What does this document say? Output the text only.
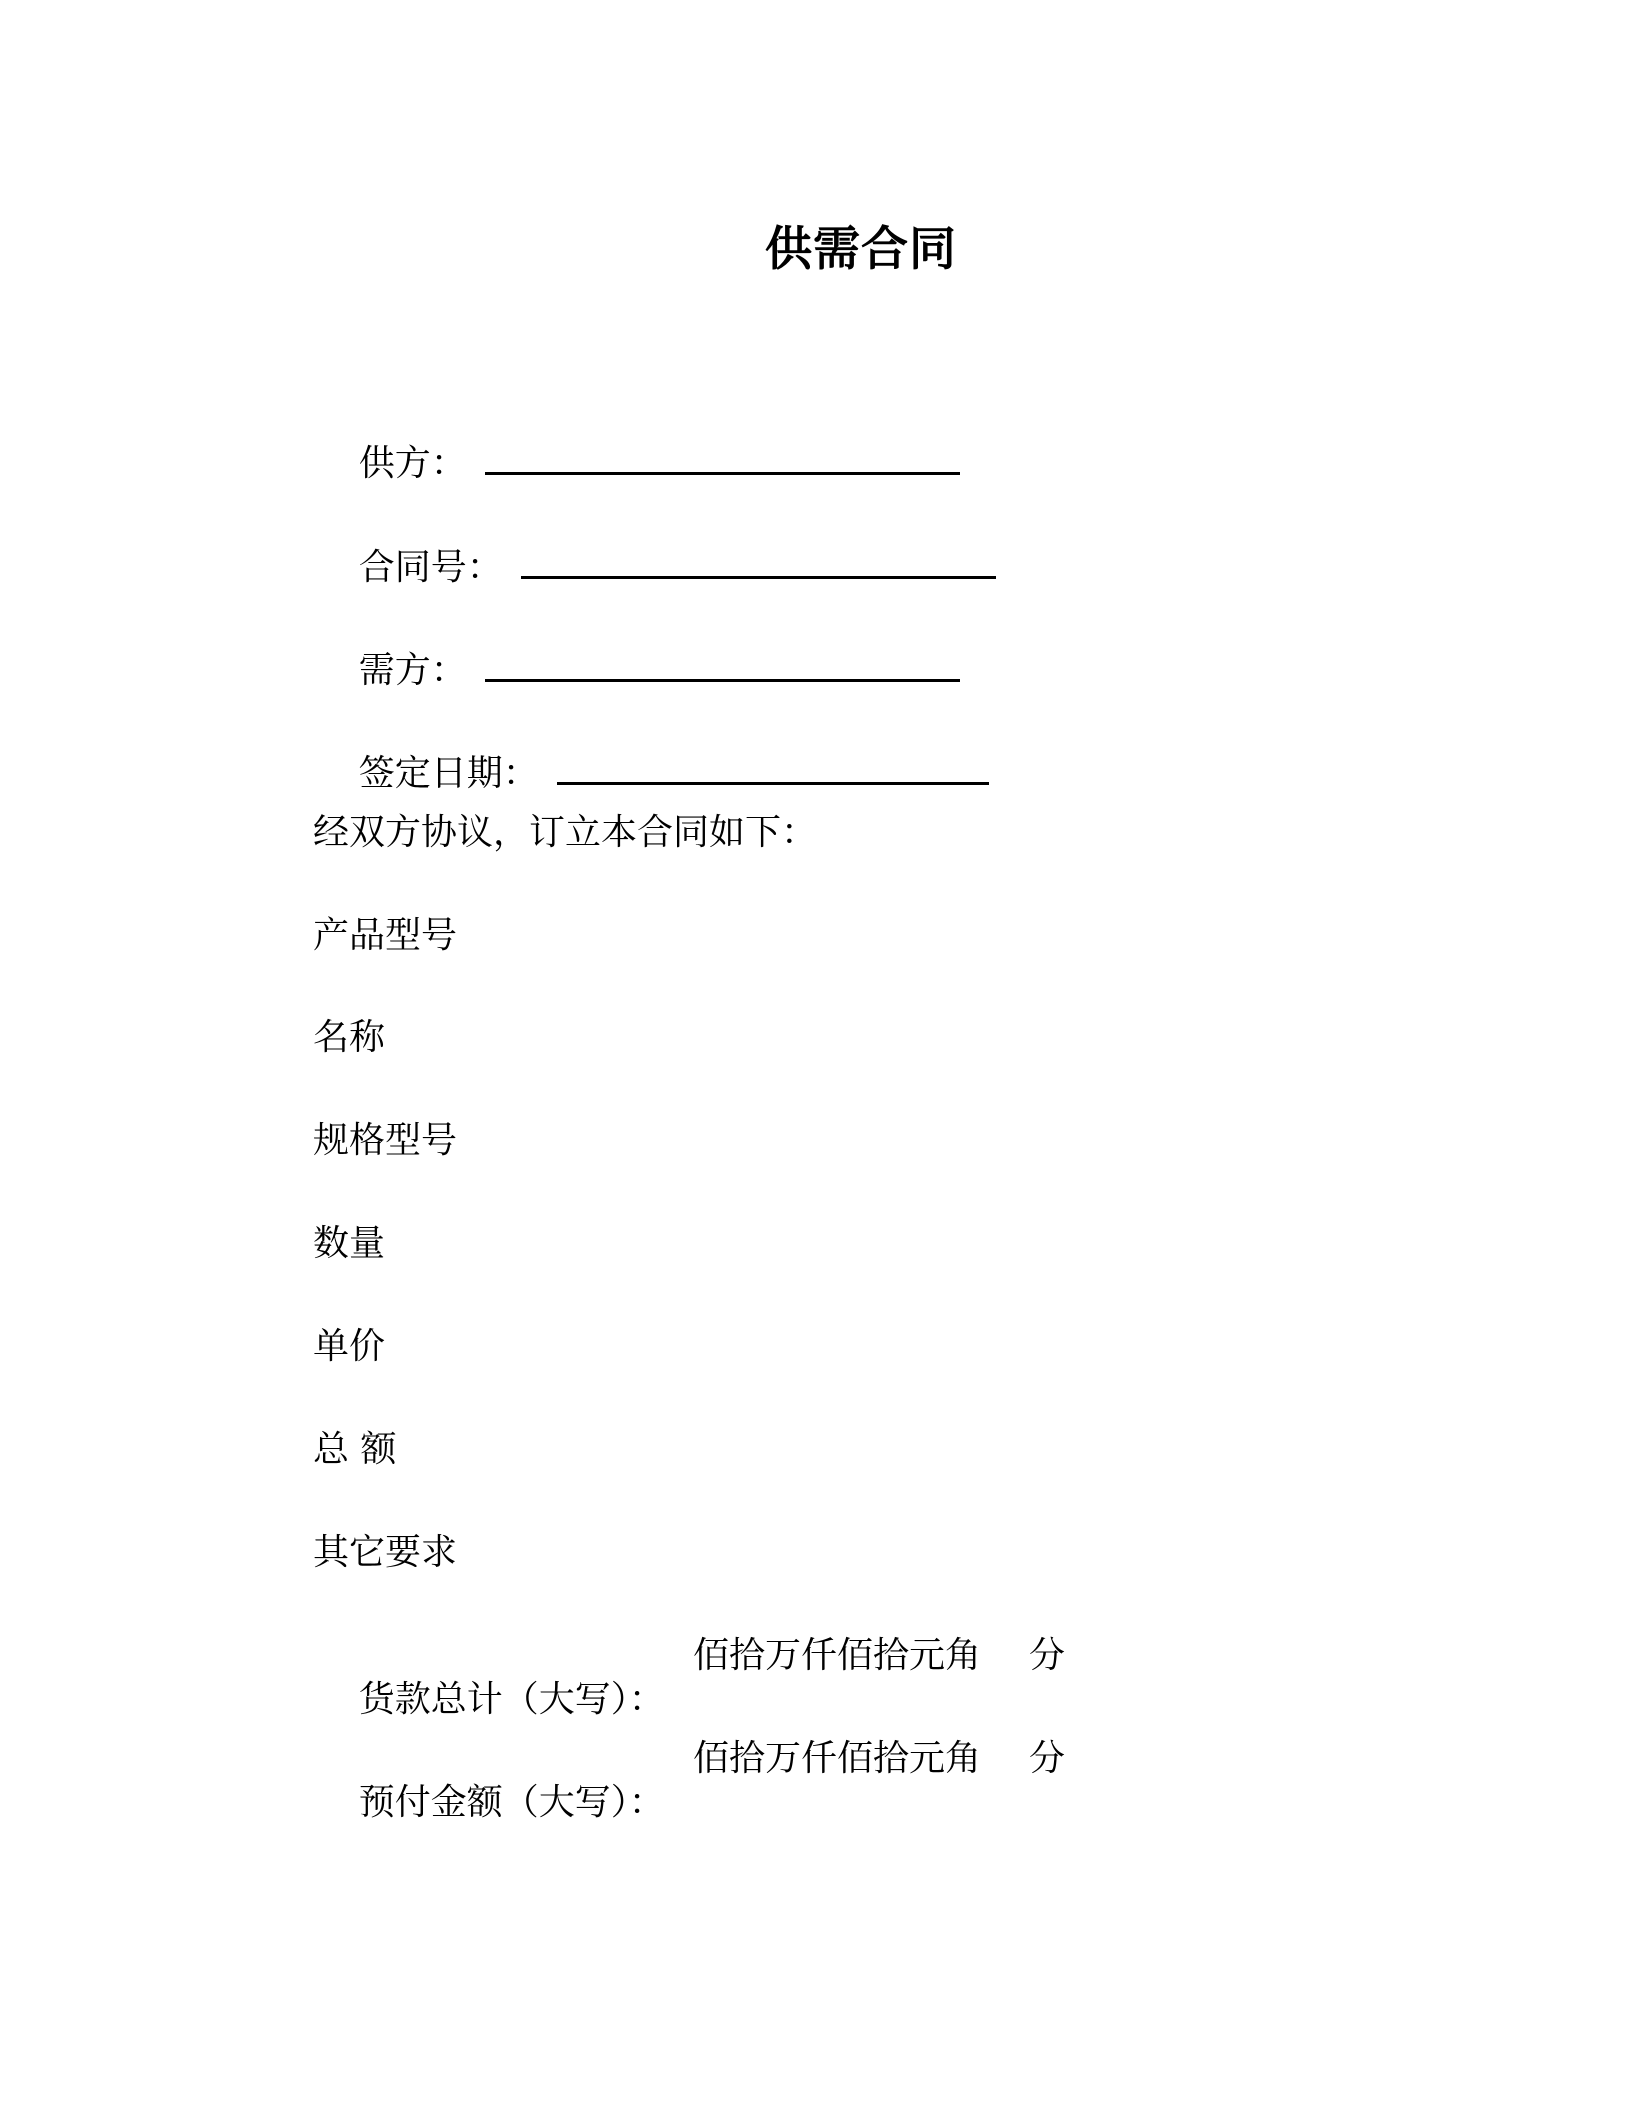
供需合同

供方：

合同号：

需方：

签定日期：

经双方协议，订立本合同如下：
产品型号
名称
规格型号
数量
单价
总 额
其它要求

货款总计（大写）：

佰拾万仟佰拾元角 分

预付金额（大写）：

佰拾万仟佰拾元角 分
